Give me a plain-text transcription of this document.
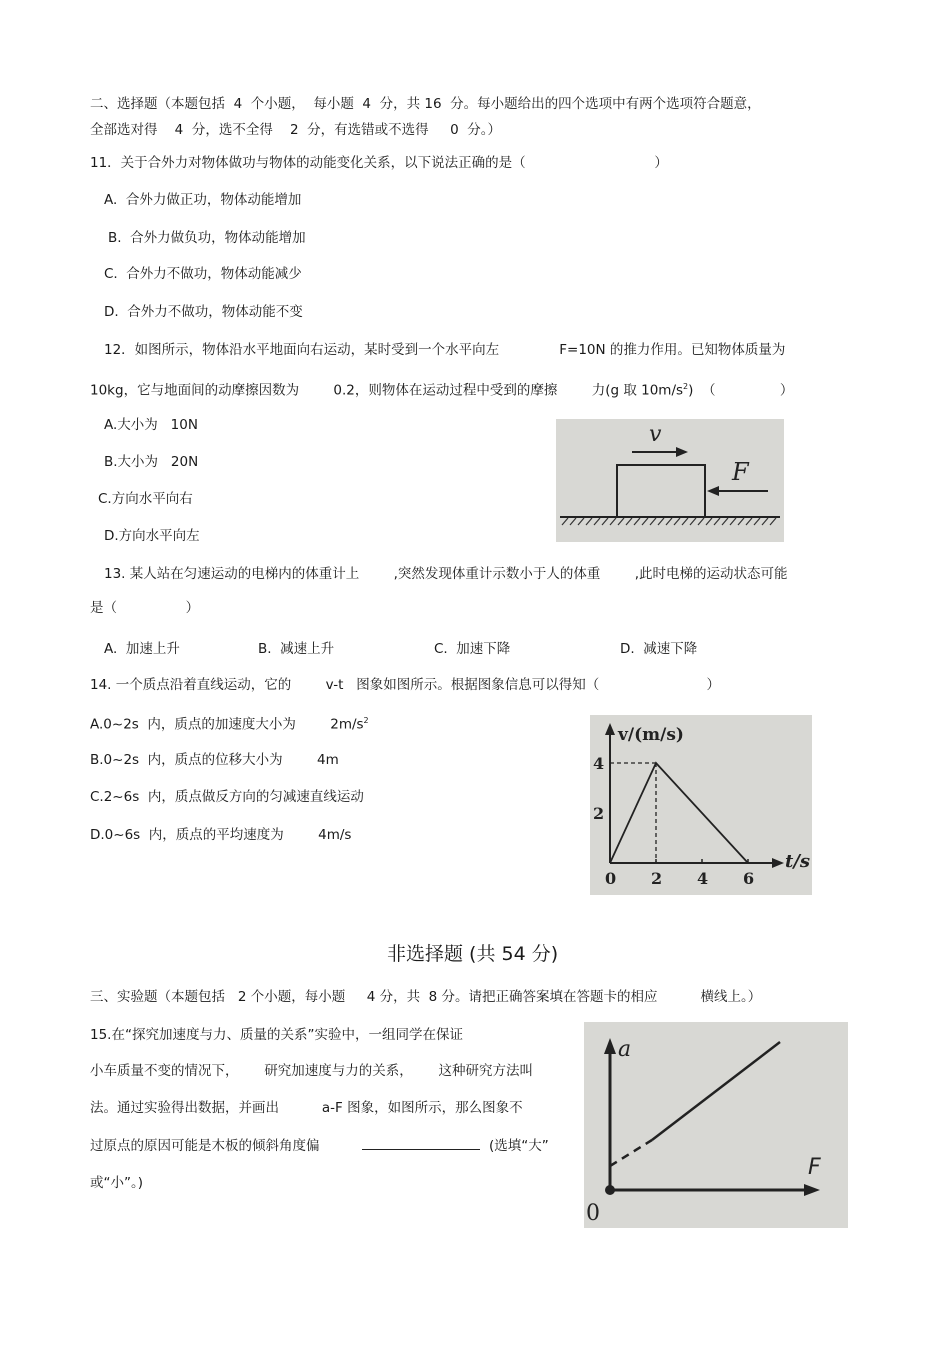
二、选择题（本题包括  4  个小题，  每小题  4  分，共 16  分。每小题给出的四个选项中有两个选项符合题意，
全部选对得    4  分，选不全得    2  分，有选错或不选得     0  分。）
11．关于合外力对物体做功与物体的动能变化关系，以下说法正确的是（                              ）
A.  合外力做正功，物体动能增加
B.  合外力做负功，物体动能增加
C.  合外力不做功，物体动能减少
D.  合外力不做功，物体动能不变
12．如图所示，物体沿水平地面向右运动，某时受到一个水平向左              F=10N 的推力作用。已知物体质量为
10kg，它与地面间的动摩擦因数为        0.2，则物体在运动过程中受到的摩擦        力(g 取 $10m/s^2$)  （               ）
A.大小为   10N
B.大小为   20N
C.方向水平向右
D.方向水平向左
v
F
13. 某人站在匀速运动的电梯内的体重计上        ,突然发现体重计示数小于人的体重        ,此时电梯的运动状态可能
是（                ）
A.  加速上升	B.  减速上升	C.  加速下降	D.  减速下降
14. 一个质点沿着直线运动，它的        v-t   图象如图所示。根据图象信息可以得知（                         ）
A.0~2s  内，质点的加速度大小为        $2m/s^2$
B.0~2s  内，质点的位移大小为        4m
C.2~6s  内，质点做反方向的匀减速直线运动
D.0~6s  内，质点的平均速度为        4m/s
v/(m/s)
t/s
0 2 4 6
2
4
非选择题 (共 54 分)
三、实验题（本题包括   2 个小题，每小题     4 分，共  8 分。请把正确答案填在答题卡的相应          横线上。）
15.在“探究加速度与力、质量的关系”实验中，一组同学在保证
小车质量不变的情况下，      研究加速度与力的关系，      这种研究方法叫
法。通过实验得出数据，并画出          a-F 图象，如图所示，那么图象不
过原点的原因可能是木板的倾斜角度偏	(选填“大”
或“小”。)
a
F
0
